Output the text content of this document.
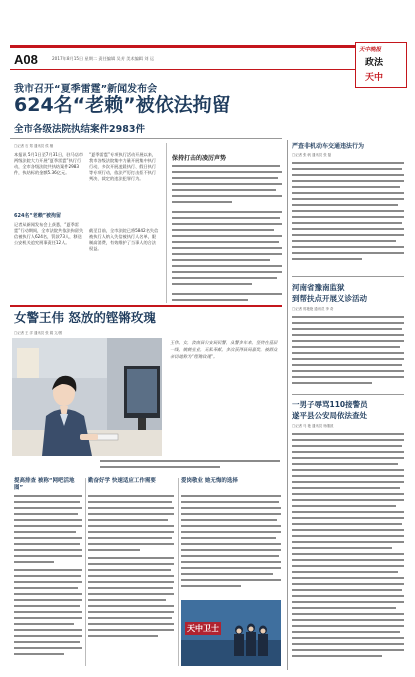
A08	2017年8月15日 星期二 责任编辑 吴芳 美术编辑 刘 运
天中晚报
政法
天中
我市召开“夏季雷霆”新闻发布会
624名“老赖”被依法拘留
全市各级法院执结案件2983件
□记者 石 郑 通讯员 侯 楷
本报讯 5月1日至7月31日，驻马店市两级法院大力开展“夏季雷霆”执行行动，全市各级法院共执结案件2983件，执结标的金额5.36亿元。
624名“老赖”被拘留
记者从新闻发布会上获悉，“夏季雷霆”行动期间，全市法院共依法拘留失信被执行人624名，罚款73人，移送公安机关追究刑事责任12人。
“夏季雷霆”专项执行活动开展以来，我市各级法院集中力量开展集中执行行动，多次开展凌晨执行、假日执行等专项行动，依法严厉打击拒不执行判决、裁定的违法犯罪行为。
截至目前，全市法院已将5842名失信被执行人纳入失信被执行人名单，限制高消费，有效维护了当事人的合法权益。
保持打击的凌厉声势
女警王伟 怒放的铿锵玫瑰
□记者 王 洋 通讯员 张 娟 文/图
王伟，女，汝南县公安局民警，从警多年来，坚持在基层一线，兢兢业业，无私奉献，多次获得县局嘉奖，被群众亲切地称为“铿锵玫瑰”。
提高排查 被称“网吧活地图”
勤奋好学 快速适应工作需要	爱岗敬业 她无悔的选择
天中卫士
严查非机动车交通违法行为
□记者 张 帆 通讯员 张 磊
河南省豫南监狱
到帮扶点开展义诊活动
□记者 郭艳艳 通讯员 李 奇
一男子辱骂110接警员
遂平县公安局依法查处
□记者 马 艳 通讯员 杨继波
